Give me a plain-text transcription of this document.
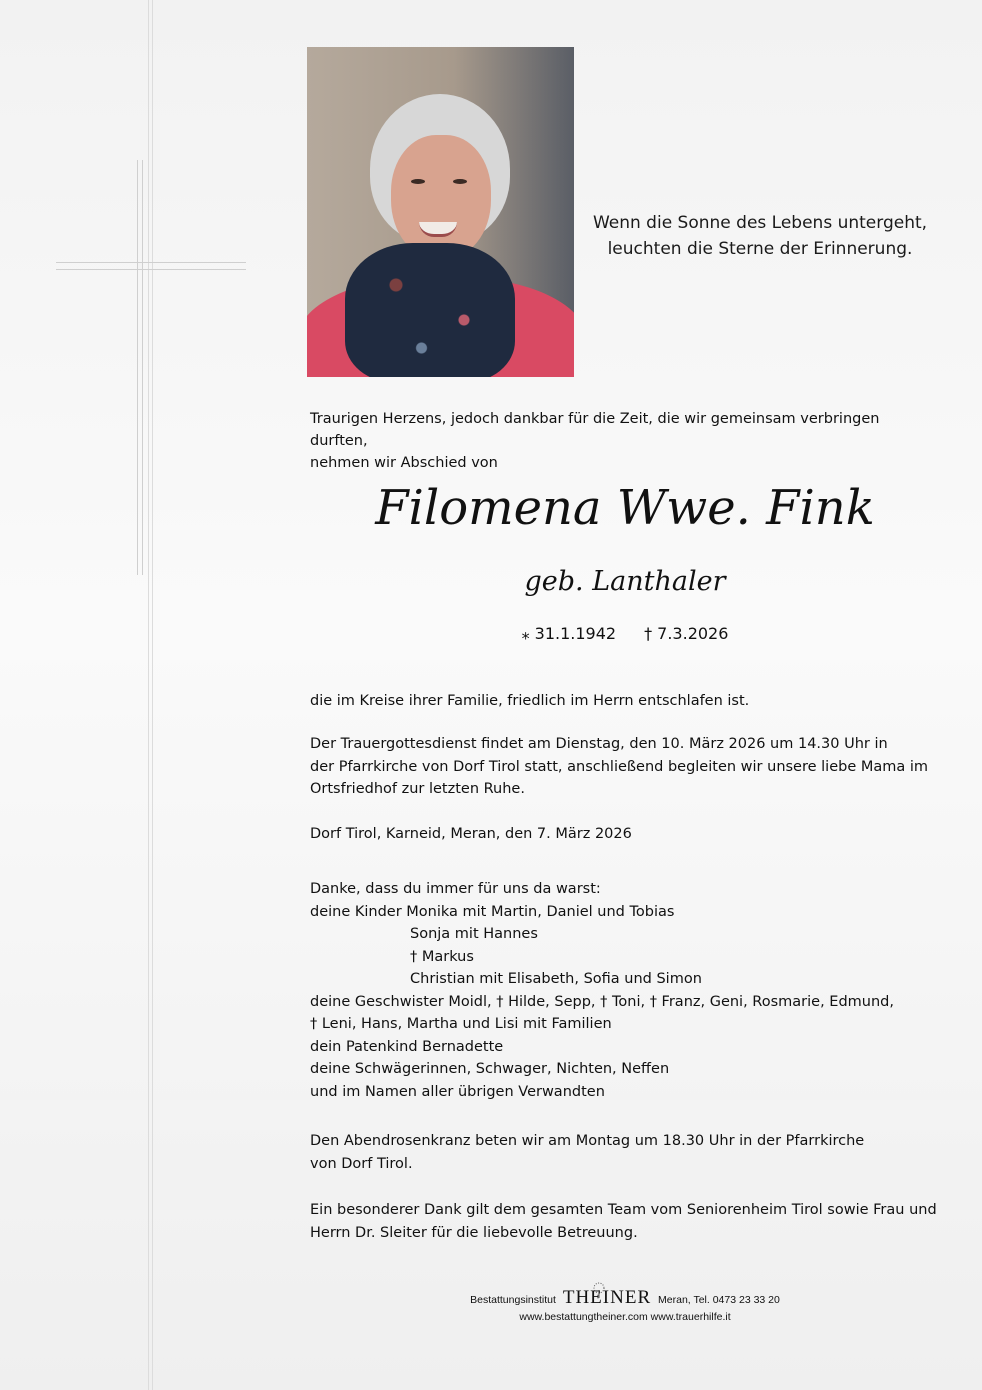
Wenn die Sonne des Lebens untergeht,
leuchten die Sterne der Erinnerung.
Traurigen Herzens, jedoch dankbar für die Zeit, die wir gemeinsam verbringen durften,
nehmen wir Abschied von
Filomena Wwe. Fink
geb. Lanthaler
⁎ 31.1.1942 † 7.3.2026
die im Kreise ihrer Familie, friedlich im Herrn entschlafen ist.
Der Trauergottesdienst findet am Dienstag, den 10. März 2026 um 14.30 Uhr in
der Pfarrkirche von Dorf Tirol statt, anschließend begleiten wir unsere liebe Mama im
Ortsfriedhof zur letzten Ruhe.
Dorf Tirol, Karneid, Meran, den 7. März 2026
Danke, dass du immer für uns da warst:
deine Kinder Monika mit Martin, Daniel und Tobias
Sonja mit Hannes
† Markus
Christian mit Elisabeth, Sofia und Simon
deine Geschwister Moidl, † Hilde, Sepp, † Toni, † Franz, Geni, Rosmarie, Edmund,
† Leni, Hans, Martha und Lisi mit Familien
dein Patenkind Bernadette
deine Schwägerinnen, Schwager, Nichten, Neffen
und im Namen aller übrigen Verwandten
Den Abendrosenkranz beten wir am Montag um 18.30 Uhr in der Pfarrkirche
von Dorf Tirol.
Ein besonderer Dank gilt dem gesamten Team vom Seniorenheim Tirol sowie Frau und
Herrn Dr. Sleiter für die liebevolle Betreuung.
Bestattungsinstitut THEINER Meran, Tel. 0473 23 33 20
www.bestattungtheiner.com www.trauerhilfe.it
